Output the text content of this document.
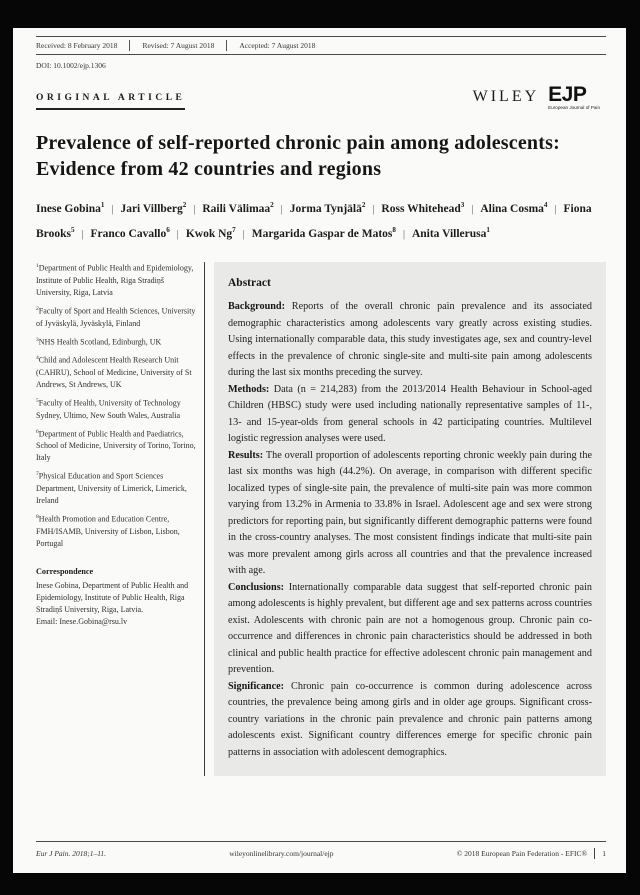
Received: 8 February 2018	Revised: 7 August 2018	Accepted: 7 August 2018
DOI: 10.1002/ejp.1306
ORIGINAL ARTICLE	WILEY EJP
European Journal of Pain
Prevalence of self-reported chronic pain among adolescents: Evidence from 42 countries and regions
Inese Gobina$^1$ | Jari Villberg$^2$ | Raili Välimaa$^2$ | Jorma Tynjälä$^2$ | Ross Whitehead$^3$ | Alina Cosma$^4$ | Fiona Brooks$^5$ | Franco Cavallo$^6$ | Kwok Ng$^7$ | Margarida Gaspar de Matos$^8$ | Anita Villerusa$^1$
$^1$Department of Public Health and Epidemiology, Institute of Public Health, Riga Stradiņš University, Riga, Latvia
$^2$Faculty of Sport and Health Sciences, University of Jyväskylä, Jyväskylä, Finland
$^3$NHS Health Scotland, Edinburgh, UK
$^4$Child and Adolescent Health Research Unit (CAHRU), School of Medicine, University of St Andrews, St Andrews, UK
$^5$Faculty of Health, University of Technology Sydney, Ultimo, New South Wales, Australia
$^6$Department of Public Health and Paediatrics, School of Medicine, University of Torino, Torino, Italy
$^7$Physical Education and Sport Sciences Department, University of Limerick, Limerick, Ireland
$^8$Health Promotion and Education Centre, FMH/ISAMB, University of Lisbon, Lisbon, Portugal
Correspondence
Inese Gobina, Department of Public Health and Epidemiology, Institute of Public Health, Riga Stradiņš University, Riga, Latvia.
Email: Inese.Gobina@rsu.lv
Abstract

Background: Reports of the overall chronic pain prevalence and its associated demographic characteristics among adolescents vary greatly across existing studies. Using internationally comparable data, this study investigates age, sex and country-level effects in the prevalence of chronic single-site and multi-site pain among adolescents during the last six months preceding the survey.

Methods: Data (n = 214,283) from the 2013/2014 Health Behaviour in School-aged Children (HBSC) study were used including nationally representative samples of 11-, 13- and 15-year-olds from general schools in 42 participating countries. Multilevel logistic regression analyses were used.

Results: The overall proportion of adolescents reporting chronic weekly pain during the last six months was high (44.2%). On average, in comparison with different specific localized types of single-site pain, the prevalence of multi-site pain was more common varying from 13.2% in Armenia to 33.8% in Israel. Adolescent age and sex were strong predictors for reporting pain, but significantly different demographic patterns were found in the cross-country analyses. The most consistent findings indicate that multi-site pain was more prevalent among girls across all countries and that the prevalence increased with age.

Conclusions: Internationally comparable data suggest that self-reported chronic pain among adolescents is highly prevalent, but different age and sex patterns across countries exist. Adolescents with chronic pain are not a homogenous group. Chronic pain co-occurrence and differences in chronic pain characteristics should be addressed in both clinical and public health practice for effective adolescent chronic pain management and prevention.

Significance: Chronic pain co-occurrence is common during adolescence across countries, the prevalence being among girls and in older age groups. Significant cross-country variations in the chronic pain prevalence and chronic pain patterns among adolescents exist. Significant country differences emerge for specific chronic pain patterns in association with adolescent demographics.

Eur J Pain. 2018;1–11.	wileyonlinelibrary.com/journal/ejp	© 2018 European Pain Federation - EFIC® 1
